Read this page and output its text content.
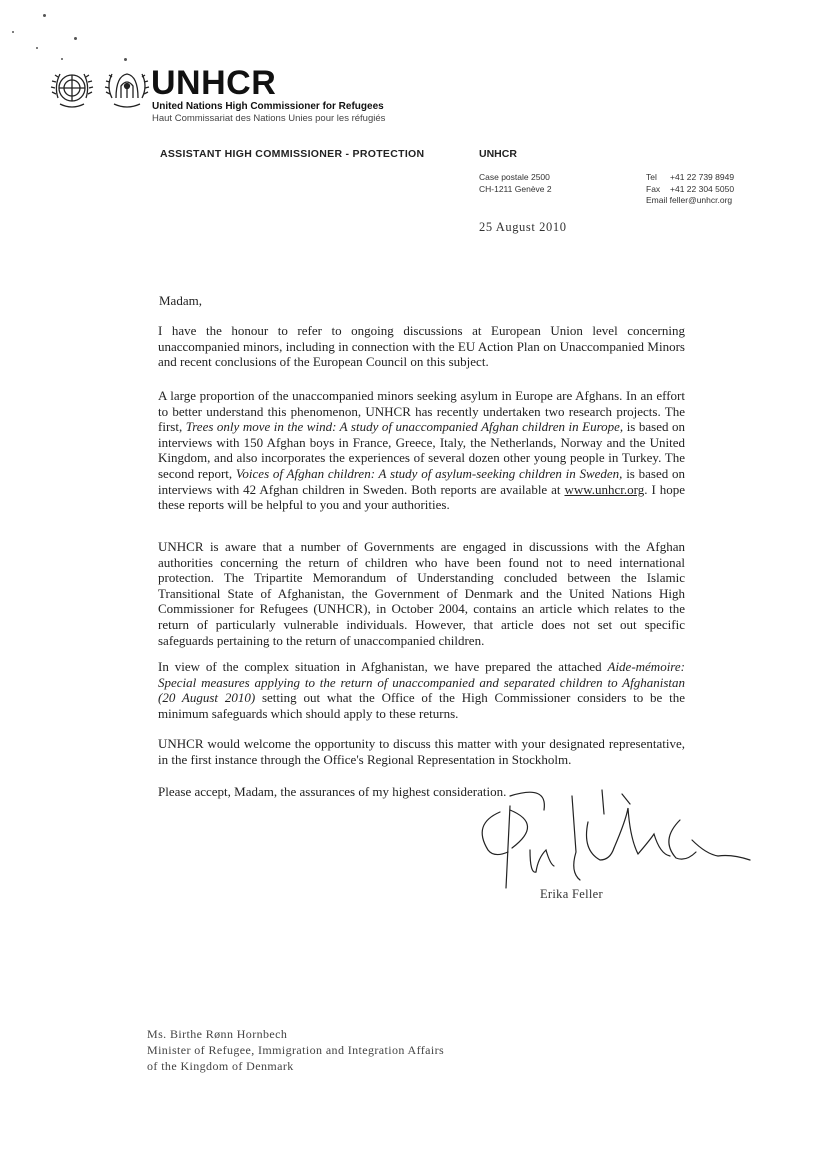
UNHCR
United Nations High Commissioner for Refugees
Haut Commissariat des Nations Unies pour les réfugiés
ASSISTANT HIGH COMMISSIONER - PROTECTION	UNHCR
Case postale 2500
CH-1211 Genève 2
Tel +41 22 739 8949
Fax +41 22 304 5050
Email feller@unhcr.org
25 August 2010
Madam,

I have the honour to refer to ongoing discussions at European Union level concerning unaccompanied minors, including in connection with the EU Action Plan on Unaccompanied Minors and recent conclusions of the European Council on this subject.

A large proportion of the unaccompanied minors seeking asylum in Europe are Afghans. In an effort to better understand this phenomenon, UNHCR has recently undertaken two research projects. The first, Trees only move in the wind: A study of unaccompanied Afghan children in Europe, is based on interviews with 150 Afghan boys in France, Greece, Italy, the Netherlands, Norway and the United Kingdom, and also incorporates the experiences of several dozen other young people in Turkey. The second report, Voices of Afghan children: A study of asylum-seeking children in Sweden, is based on interviews with 42 Afghan children in Sweden. Both reports are available at www.unhcr.org. I hope these reports will be helpful to you and your authorities.

UNHCR is aware that a number of Governments are engaged in discussions with the Afghan authorities concerning the return of children who have been found not to need international protection. The Tripartite Memorandum of Understanding concluded between the Islamic Transitional State of Afghanistan, the Government of Denmark and the United Nations High Commissioner for Refugees (UNHCR), in October 2004, contains an article which relates to the return of particularly vulnerable individuals. However, that article does not set out specific safeguards pertaining to the return of unaccompanied children.

In view of the complex situation in Afghanistan, we have prepared the attached Aide-mémoire: Special measures applying to the return of unaccompanied and separated children to Afghanistan (20 August 2010) setting out what the Office of the High Commissioner considers to be the minimum safeguards which should apply to these returns.

UNHCR would welcome the opportunity to discuss this matter with your designated representative, in the first instance through the Office's Regional Representation in Stockholm.

Please accept, Madam, the assurances of my highest consideration.
Erika Feller
Ms. Birthe Rønn Hornbech
Minister of Refugee, Immigration and Integration Affairs
of the Kingdom of Denmark
